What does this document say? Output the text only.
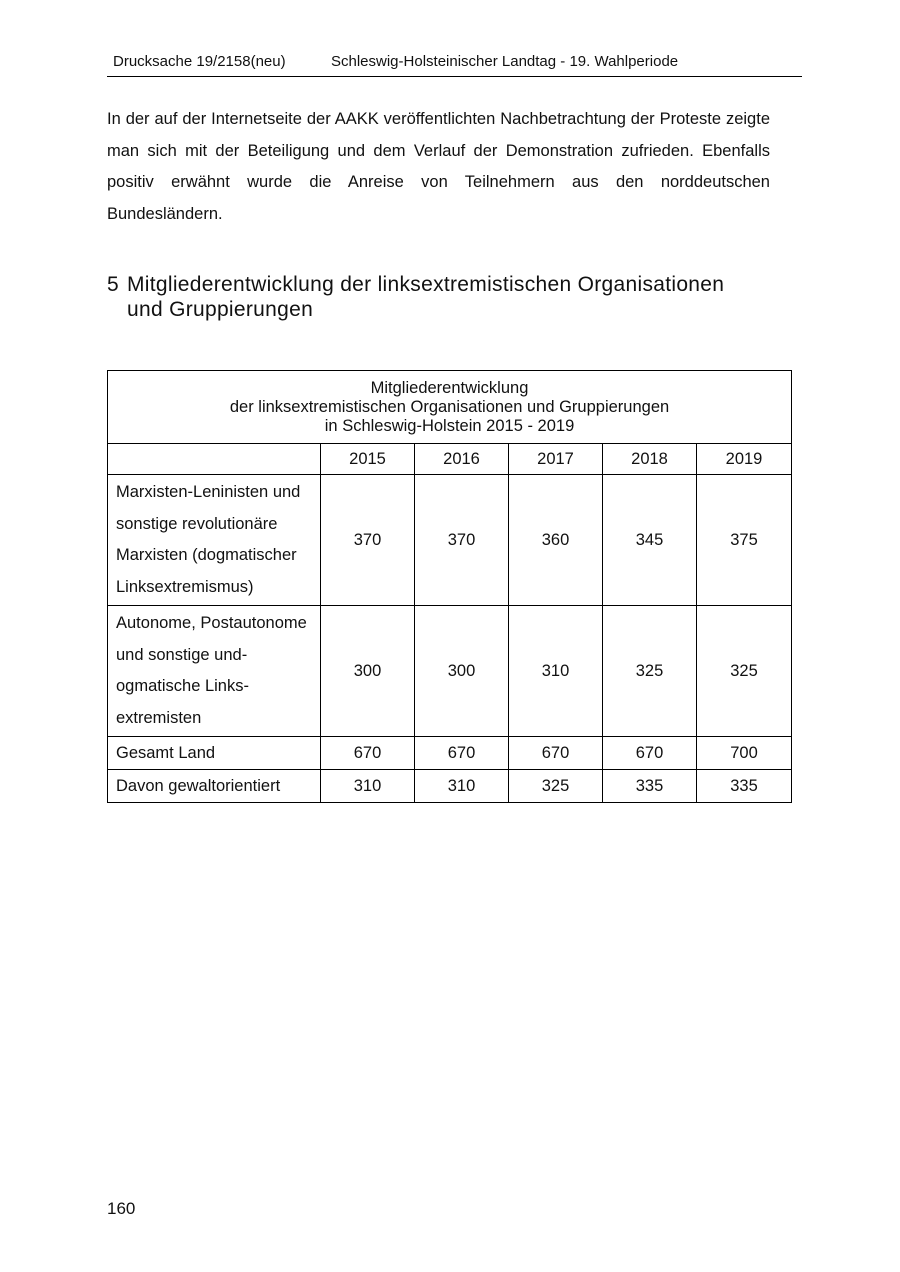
Drucksache 19/2158(neu)	Schleswig-Holsteinischer Landtag - 19. Wahlperiode

In der auf der Internetseite der AAKK veröffentlichten Nachbetrachtung der Proteste zeigte man sich mit der Beteiligung und dem Verlauf der Demonstration zufrieden. Ebenfalls positiv erwähnt wurde die Anreise von Teilnehmern aus den norddeutschen Bundesländern.

5 Mitgliederentwicklung der linksextremistischen Organisationen
und Gruppierungen
Mitgliederentwicklung
der linksextremistischen Organisationen und Gruppierungen
in Schleswig-Holstein 2015 - 2019					

	2015	2016	2017	2018	2019
Marxisten-Leninisten und sonstige revolutionäre Marxisten (dogmatischer Linksextremismus)	370	370	360	345	375
Autonome, Postautonome und sonstige undogmatische Linksextremisten	300	300	310	325	325
Gesamt Land	670	670	670	670	700
Davon gewaltorientiert	310	310	325	335	335
160
